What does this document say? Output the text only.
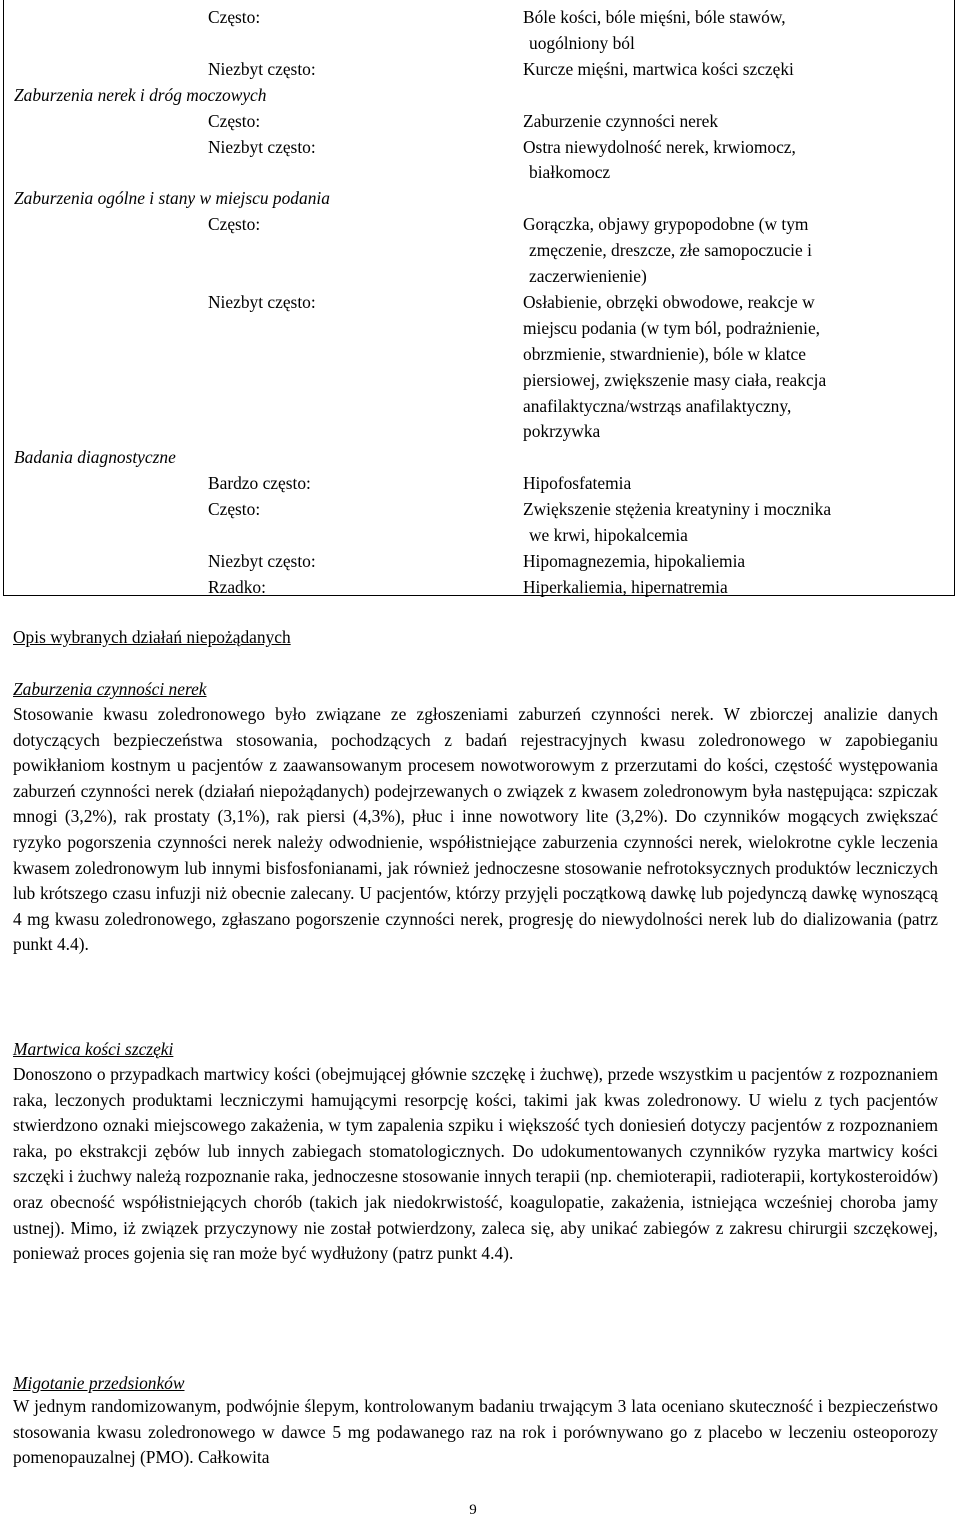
Często:	Bóle kości, bóle mięśni, bóle stawów,
uogólniony ból
Niezbyt często:	Kurcze mięśni, martwica kości szczęki
Zaburzenia nerek i dróg moczowych
Często:	Zaburzenie czynności nerek
Niezbyt często:	Ostra niewydolność nerek, krwiomocz,
białkomocz
Zaburzenia ogólne i stany w miejscu podania
Często:	Gorączka, objawy grypopodobne (w tym
zmęczenie, dreszcze, złe samopoczucie i
zaczerwienienie)
Niezbyt często:	Osłabienie, obrzęki obwodowe, reakcje w
miejscu podania (w tym ból, podrażnienie,
obrzmienie, stwardnienie), bóle w klatce
piersiowej, zwiększenie masy ciała, reakcja
anafilaktyczna/wstrząs anafilaktyczny,
pokrzywka
Badania diagnostyczne
Bardzo często:	Hipofosfatemia
Często:	Zwiększenie stężenia kreatyniny i mocznika
we krwi, hipokalcemia
Niezbyt często:	Hipomagnezemia, hipokaliemia
Rzadko:	Hiperkaliemia, hipernatremia
Opis wybranych działań niepożądanych
Zaburzenia czynności nerek

Stosowanie kwasu zoledronowego było związane ze zgłoszeniami zaburzeń czynności nerek. W zbiorczej analizie danych dotyczących bezpieczeństwa stosowania, pochodzących z badań rejestracyjnych kwasu zoledronowego w zapobieganiu powikłaniom kostnym u pacjentów z zaawansowanym procesem nowotworowym z przerzutami do kości, częstość występowania zaburzeń czynności nerek (działań niepożądanych) podejrzewanych o związek z kwasem zoledronowym była następująca: szpiczak mnogi (3,2%), rak prostaty (3,1%), rak piersi (4,3%), płuc i inne nowotwory lite (3,2%). Do czynników mogących zwiększać ryzyko pogorszenia czynności nerek należy odwodnienie, współistniejące zaburzenia czynności nerek, wielokrotne cykle leczenia kwasem zoledronowym lub innymi bisfosfonianami, jak również jednoczesne stosowanie nefrotoksycznych produktów leczniczych lub krótszego czasu infuzji niż obecnie zalecany. U pacjentów, którzy przyjęli początkową dawkę lub pojedynczą dawkę wynoszącą 4 mg kwasu zoledronowego, zgłaszano pogorszenie czynności nerek, progresję do niewydolności nerek lub do dializowania (patrz punkt 4.4).

Martwica kości szczęki

Donoszono o przypadkach martwicy kości (obejmującej głównie szczękę i żuchwę), przede wszystkim u pacjentów z rozpoznaniem raka, leczonych produktami leczniczymi hamującymi resorpcję kości, takimi jak kwas zoledronowy. U wielu z tych pacjentów stwierdzono oznaki miejscowego zakażenia, w tym zapalenia szpiku i większość tych doniesień dotyczy pacjentów z rozpoznaniem raka, po ekstrakcji zębów lub innych zabiegach stomatologicznych. Do udokumentowanych czynników ryzyka martwicy kości szczęki i żuchwy należą rozpoznanie raka, jednoczesne stosowanie innych terapii (np. chemioterapii, radioterapii, kortykosteroidów) oraz obecność współistniejących chorób (takich jak niedokrwistość, koagulopatie, zakażenia, istniejąca wcześniej choroba jamy ustnej). Mimo, iż związek przyczynowy nie został potwierdzony, zaleca się, aby unikać zabiegów z zakresu chirurgii szczękowej, ponieważ proces gojenia się ran może być wydłużony (patrz punkt 4.4).

Migotanie przedsionków

W jednym randomizowanym, podwójnie ślepym, kontrolowanym badaniu trwającym 3 lata oceniano skuteczność i bezpieczeństwo stosowania kwasu zoledronowego w dawce 5 mg podawanego raz na rok i porównywano go z placebo w leczeniu osteoporozy pomenopauzalnej (PMO). Całkowita

9
